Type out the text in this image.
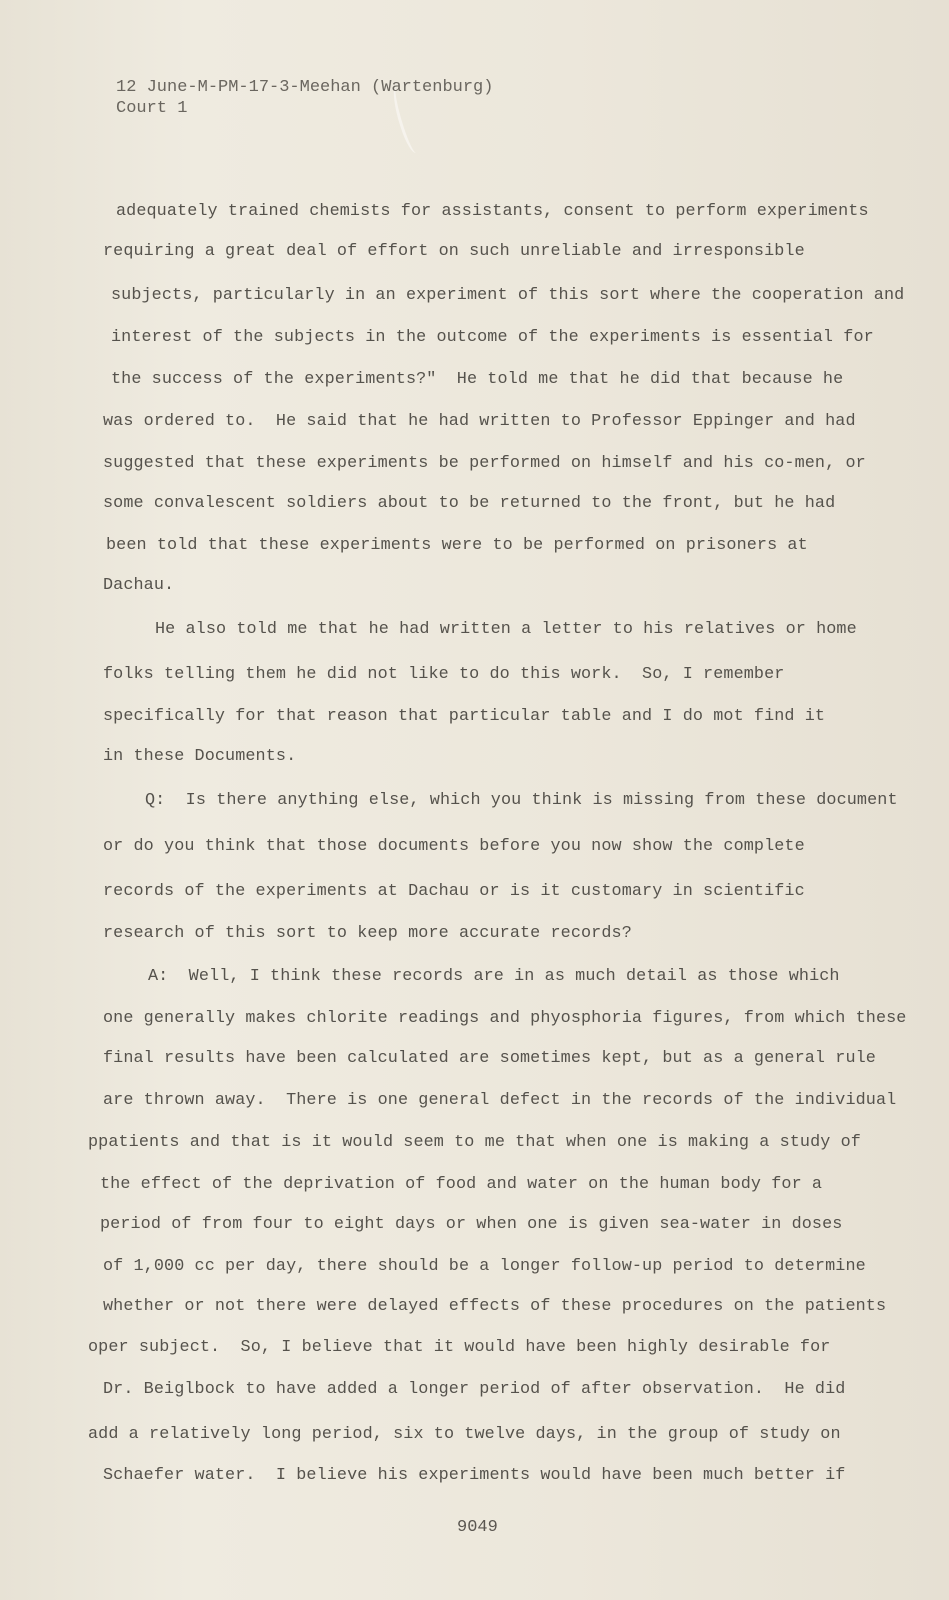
12 June-M-PM-17-3-Meehan (Wartenburg)
Court 1
adequately trained chemists for assistants, consent to perform experiments
requiring a great deal of effort on such unreliable and irresponsible
subjects, particularly in an experiment of this sort where the cooperation and
interest of the subjects in the outcome of the experiments is essential for
the success of the experiments?"  He told me that he did that because he
was ordered to.  He said that he had written to Professor Eppinger and had
suggested that these experiments be performed on himself and his co-men, or
some convalescent soldiers about to be returned to the front, but he had
been told that these experiments were to be performed on prisoners at
Dachau.
He also told me that he had written a letter to his relatives or home
folks telling them he did not like to do this work.  So, I remember
specifically for that reason that particular table and I do mot find it
in these Documents.
Q:  Is there anything else, which you think is missing from these document
or do you think that those documents before you now show the complete
records of the experiments at Dachau or is it customary in scientific
research of this sort to keep more accurate records?
A:  Well, I think these records are in as much detail as those which
one generally makes chlorite readings and phyosphoria figures, from which these
final results have been calculated are sometimes kept, but as a general rule
are thrown away.  There is one general defect in the records of the individual
ppatients and that is it would seem to me that when one is making a study of
the effect of the deprivation of food and water on the human body for a
period of from four to eight days or when one is given sea-water in doses
of 1,000 cc per day, there should be a longer follow-up period to determine
whether or not there were delayed effects of these procedures on the patients
oper subject.  So, I believe that it would have been highly desirable for
Dr. Beiglbock to have added a longer period of after observation.  He did
add a relatively long period, six to twelve days, in the group of study on
Schaefer water.  I believe his experiments would have been much better if
9049
